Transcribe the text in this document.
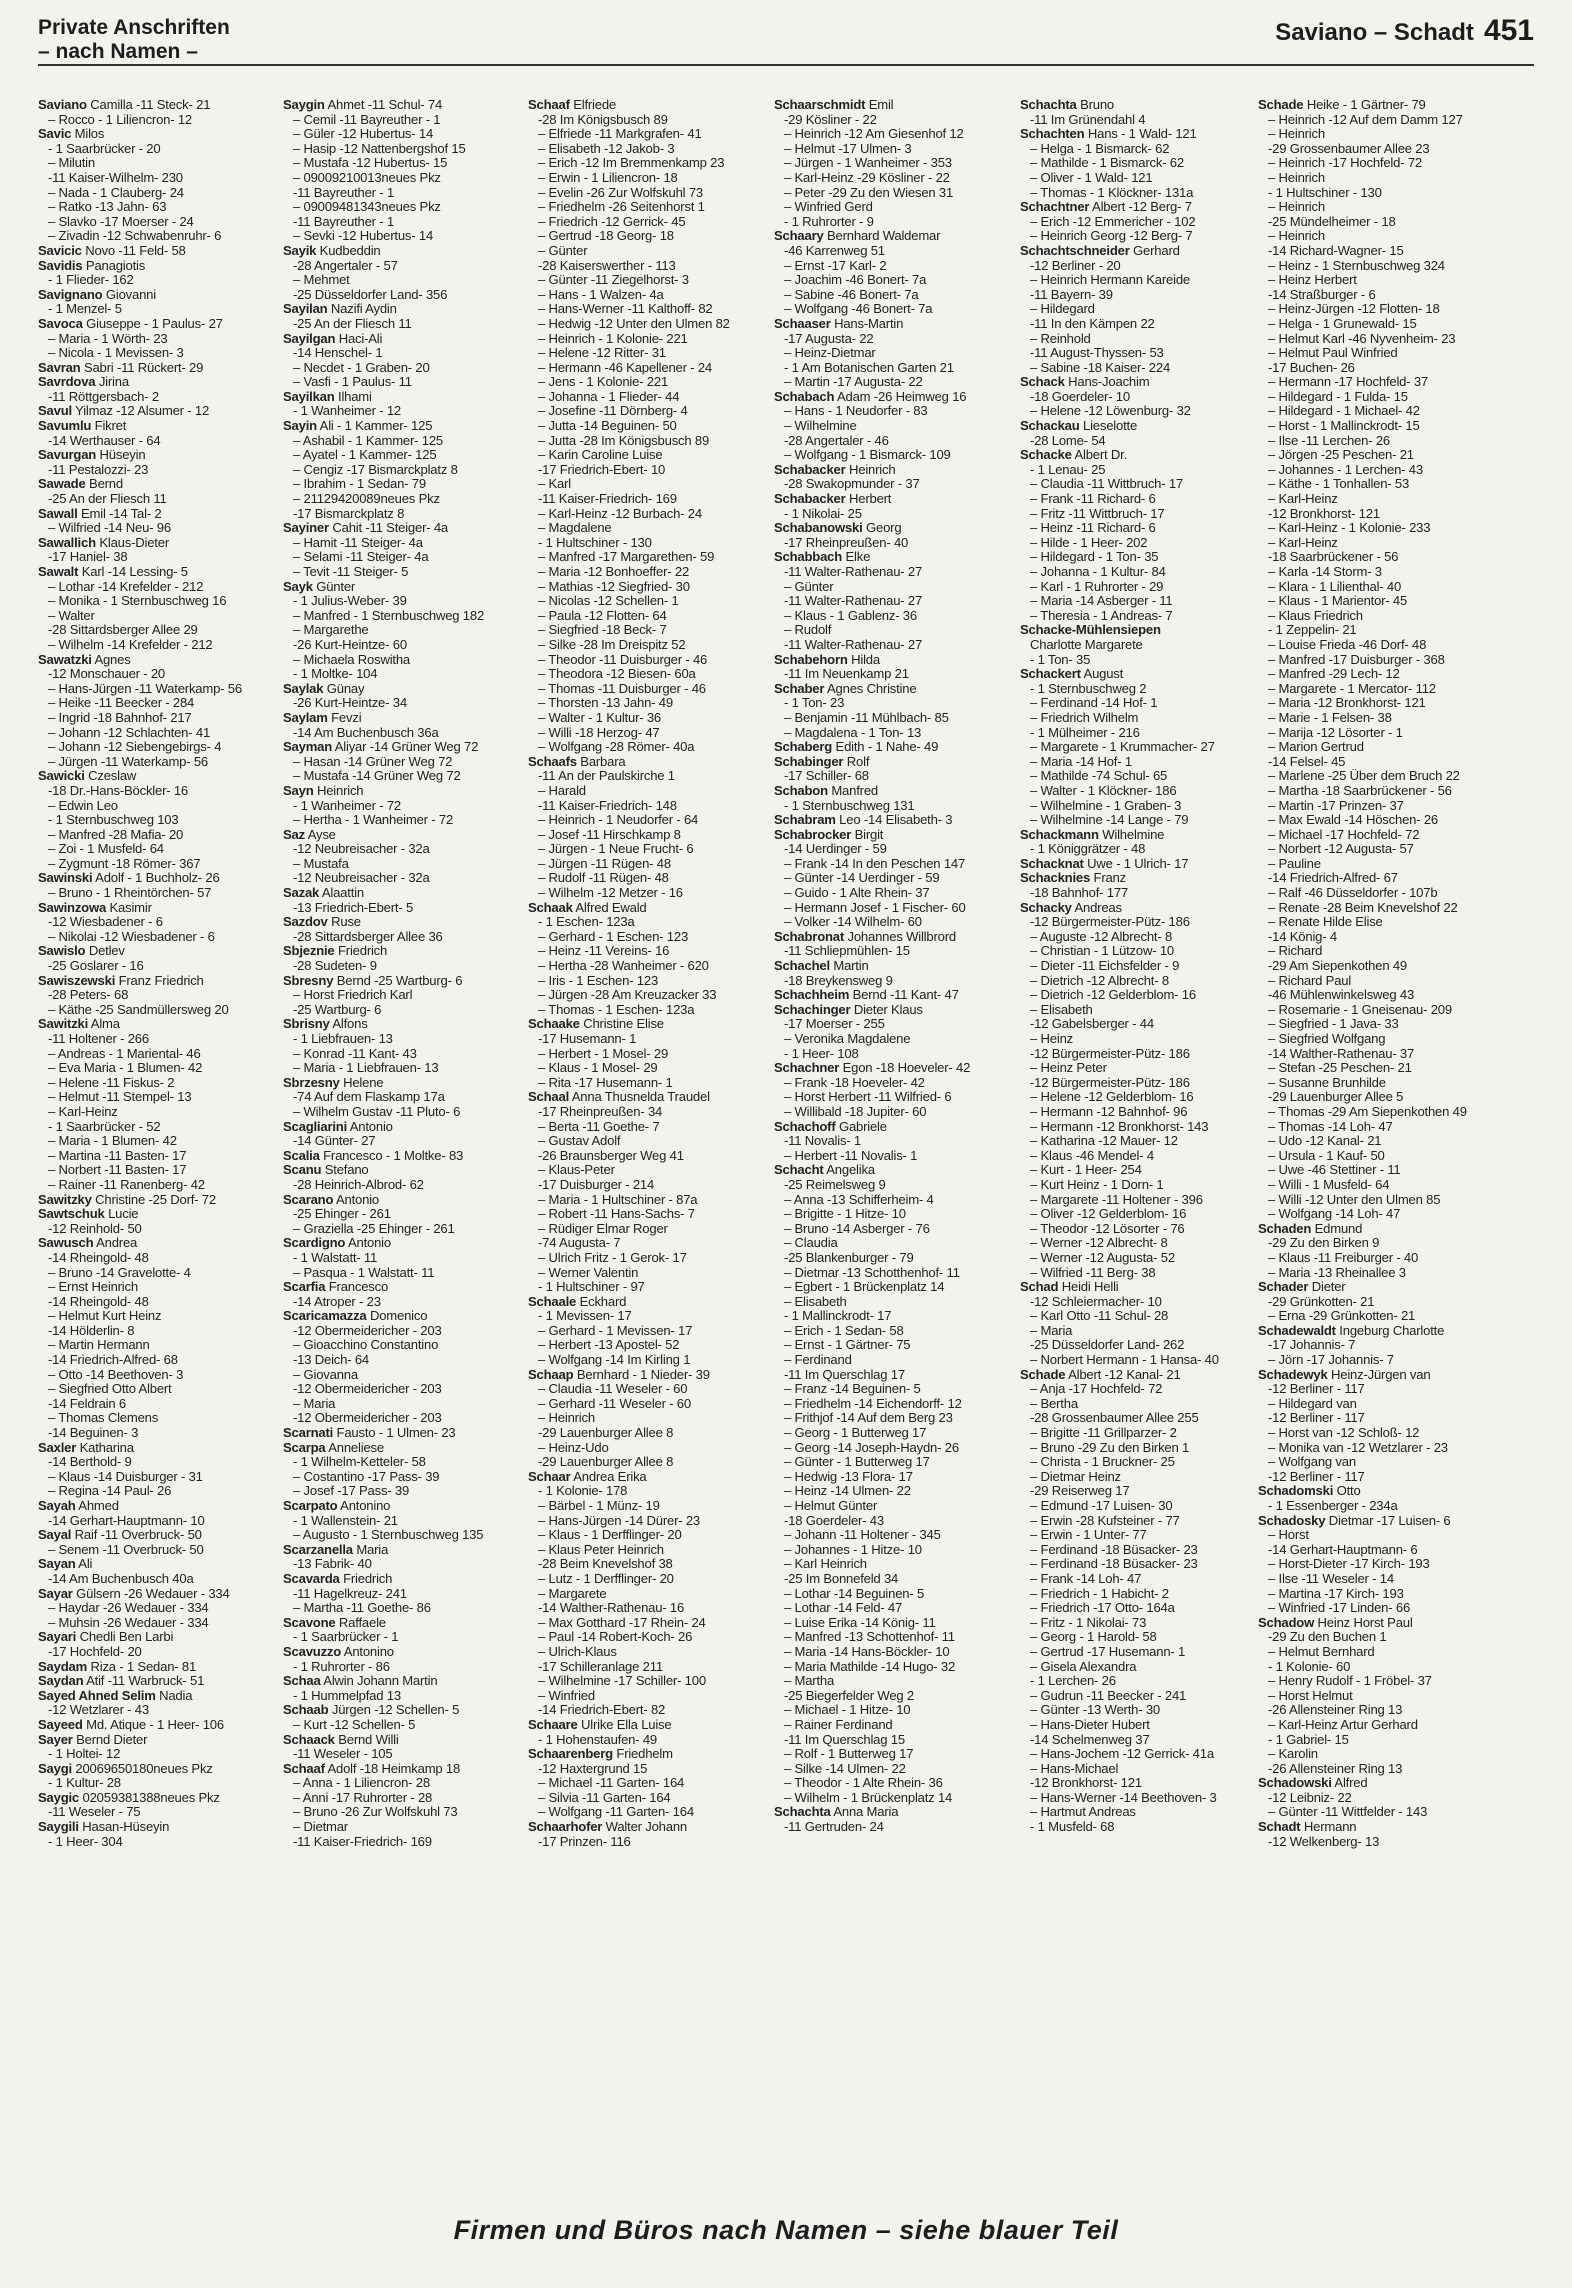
Private Anschriften
– nach Namen –
Saviano – Schadt 451
Saviano Camilla -11 Steck- 21
– Rocco - 1 Liliencron- 12
Savic Milos
- 1 Saarbrücker - 20
– Milutin
-11 Kaiser-Wilhelm- 230
– Nada - 1 Clauberg- 24
– Ratko -13 Jahn- 63
– Slavko -17 Moerser - 24
– Zivadin -12 Schwabenruhr- 6
Savicic Novo -11 Feld- 58
Savidis Panagiotis
- 1 Flieder- 162
Savignano Giovanni
- 1 Menzel- 5
Savoca Giuseppe - 1 Paulus- 27
– Maria - 1 Wörth- 23
– Nicola - 1 Mevissen- 3
Savran Sabri -11 Rückert- 29
Savrdova Jirina
-11 Röttgersbach- 2
Savul Yilmaz -12 Alsumer - 12
Savumlu Fikret
-14 Werthauser - 64
Savurgan Hüseyin
-11 Pestalozzi- 23
Sawade Bernd
-25 An der Fliesch 11
Sawall Emil -14 Tal- 2
– Wilfried -14 Neu- 96
Sawallich Klaus-Dieter
-17 Haniel- 38
Sawalt Karl -14 Lessing- 5
– Lothar -14 Krefelder - 212
– Monika - 1 Sternbuschweg 16
– Walter
-28 Sittardsberger Allee 29
– Wilhelm -14 Krefelder - 212
Sawatzki Agnes
-12 Monschauer - 20
– Hans-Jürgen -11 Waterkamp- 56
– Heike -11 Beecker - 284
– Ingrid -18 Bahnhof- 217
– Johann -12 Schlachten- 41
– Johann -12 Siebengebirgs- 4
– Jürgen -11 Waterkamp- 56
Sawicki Czeslaw
-18 Dr.-Hans-Böckler- 16
– Edwin Leo
- 1 Sternbuschweg 103
– Manfred -28 Mafia- 20
– Zoi - 1 Musfeld- 64
– Zygmunt -18 Römer- 367
Sawinski Adolf - 1 Buchholz- 26
– Bruno - 1 Rheintörchen- 57
Sawinzowa Kasimir
-12 Wiesbadener - 6
– Nikolai -12 Wiesbadener - 6
Sawislo Detlev
-25 Goslarer - 16
Sawiszewski Franz Friedrich
-28 Peters- 68
– Käthe -25 Sandmüllersweg 20
Sawitzki Alma
-11 Holtener - 266
– Andreas - 1 Mariental- 46
– Eva Maria - 1 Blumen- 42
– Helene -11 Fiskus- 2
– Helmut -11 Stempel- 13
– Karl-Heinz
- 1 Saarbrücker - 52
– Maria - 1 Blumen- 42
– Martina -11 Basten- 17
– Norbert -11 Basten- 17
– Rainer -11 Ranenberg- 42
Sawitzky Christine -25 Dorf- 72
Sawtschuk Lucie
-12 Reinhold- 50
Sawusch Andrea
-14 Rheingold- 48
– Bruno -14 Gravelotte- 4
– Ernst Heinrich
-14 Rheingold- 48
– Helmut Kurt Heinz
-14 Hölderlin- 8
– Martin Hermann
-14 Friedrich-Alfred- 68
– Otto -14 Beethoven- 3
– Siegfried Otto Albert
-14 Feldrain 6
– Thomas Clemens
-14 Beguinen- 3
Saxler Katharina
-14 Berthold- 9
– Klaus -14 Duisburger - 31
– Regina -14 Paul- 26
Sayah Ahmed
-14 Gerhart-Hauptmann- 10
Sayal Raif -11 Overbruck- 50
– Senem -11 Overbruck- 50
Sayan Ali
-14 Am Buchenbusch 40a
Sayar Gülsern -26 Wedauer - 334
– Haydar -26 Wedauer - 334
– Muhsin -26 Wedauer - 334
Sayari Chedli Ben Larbi
-17 Hochfeld- 20
Saydam Riza - 1 Sedan- 81
Saydan Atif -11 Warbruck- 51
Sayed Ahned Selim Nadia
-12 Wetzlarer - 43
Sayeed Md. Atique - 1 Heer- 106
Sayer Bernd Dieter
- 1 Holtei- 12
Saygi 20069650180neues Pkz
- 1 Kultur- 28
Saygic 02059381388neues Pkz
-11 Weseler - 75
Saygili Hasan-Hüseyin
- 1 Heer- 304
Saygin Ahmet -11 Schul- 74
– Cemil -11 Bayreuther - 1
– Güler -12 Hubertus- 14
– Hasip -12 Nattenbergshof 15
– Mustafa -12 Hubertus- 15
– 09009210013neues Pkz
-11 Bayreuther - 1
– 09009481343neues Pkz
-11 Bayreuther - 1
– Sevki -12 Hubertus- 14
Sayik Kudbeddin
-28 Angertaler - 57
– Mehmet
-25 Düsseldorfer Land- 356
Sayilan Nazifi Aydin
-25 An der Fliesch 11
Sayilgan Haci-Ali
-14 Henschel- 1
– Necdet - 1 Graben- 20
– Vasfi - 1 Paulus- 11
Sayilkan Ilhami
- 1 Wanheimer - 12
Sayin Ali - 1 Kammer- 125
– Ashabil - 1 Kammer- 125
– Ayatel - 1 Kammer- 125
– Cengiz -17 Bismarckplatz 8
– Ibrahim - 1 Sedan- 79
– 21129420089neues Pkz
-17 Bismarckplatz 8
Sayiner Cahit -11 Steiger- 4a
– Hamit -11 Steiger- 4a
– Selami -11 Steiger- 4a
– Tevit -11 Steiger- 5
Sayk Günter
- 1 Julius-Weber- 39
– Manfred - 1 Sternbuschweg 182
– Margarethe
-26 Kurt-Heintze- 60
– Michaela Roswitha
- 1 Moltke- 104
Saylak Günay
-26 Kurt-Heintze- 34
Saylam Fevzi
-14 Am Buchenbusch 36a
Sayman Aliyar -14 Grüner Weg 72
– Hasan -14 Grüner Weg 72
– Mustafa -14 Grüner Weg 72
Sayn Heinrich
- 1 Wanheimer - 72
– Hertha - 1 Wanheimer - 72
Saz Ayse
-12 Neubreisacher - 32a
– Mustafa
-12 Neubreisacher - 32a
Sazak Alaattin
-13 Friedrich-Ebert- 5
Sazdov Ruse
-28 Sittardsberger Allee 36
Sbjeznie Friedrich
-28 Sudeten- 9
Sbresny Bernd -25 Wartburg- 6
– Horst Friedrich Karl
-25 Wartburg- 6
Sbrisny Alfons
- 1 Liebfrauen- 13
– Konrad -11 Kant- 43
– Maria - 1 Liebfrauen- 13
Sbrzesny Helene
-74 Auf dem Flaskamp 17a
– Wilhelm Gustav -11 Pluto- 6
Scagliarini Antonio
-14 Günter- 27
Scalia Francesco - 1 Moltke- 83
Scanu Stefano
-28 Heinrich-Albrod- 62
Scarano Antonio
-25 Ehinger - 261
– Graziella -25 Ehinger - 261
Scardigno Antonio
- 1 Walstatt- 11
– Pasqua - 1 Walstatt- 11
Scarfia Francesco
-14 Atroper - 23
Scaricamazza Domenico
-12 Obermeidericher - 203
– Gioacchino Constantino
-13 Deich- 64
– Giovanna
-12 Obermeidericher - 203
– Maria
-12 Obermeidericher - 203
Scarnati Fausto - 1 Ulmen- 23
Scarpa Anneliese
- 1 Wilhelm-Ketteler- 58
– Costantino -17 Pass- 39
– Josef -17 Pass- 39
Scarpato Antonino
- 1 Wallenstein- 21
– Augusto - 1 Sternbuschweg 135
Scarzanella Maria
-13 Fabrik- 40
Scavarda Friedrich
-11 Hagelkreuz- 241
– Martha -11 Goethe- 86
Scavone Raffaele
- 1 Saarbrücker - 1
Scavuzzo Antonino
- 1 Ruhrorter - 86
Schaa Alwin Johann Martin
- 1 Hummelpfad 13
Schaab Jürgen -12 Schellen- 5
– Kurt -12 Schellen- 5
Schaack Bernd Willi
-11 Weseler - 105
Schaaf Adolf -18 Heimkamp 18
– Anna - 1 Liliencron- 28
– Anni -17 Ruhrorter - 28
– Bruno -26 Zur Wolfskuhl 73
– Dietmar
-11 Kaiser-Friedrich- 169
Schaaf Elfriede
-28 Im Königsbusch 89
– Elfriede -11 Markgrafen- 41
– Elisabeth -12 Jakob- 3
– Erich -12 Im Bremmenkamp 23
– Erwin - 1 Liliencron- 18
– Evelin -26 Zur Wolfskuhl 73
– Friedhelm -26 Seitenhorst 1
– Friedrich -12 Gerrick- 45
– Gertrud -18 Georg- 18
– Günter
-28 Kaiserswerther - 113
– Günter -11 Ziegelhorst- 3
– Hans - 1 Walzen- 4a
– Hans-Werner -11 Kalthoff- 82
– Hedwig -12 Unter den Ulmen 82
– Heinrich - 1 Kolonie- 221
– Helene -12 Ritter- 31
– Hermann -46 Kapellener - 24
– Jens - 1 Kolonie- 221
– Johanna - 1 Flieder- 44
– Josefine -11 Dörnberg- 4
– Jutta -14 Beguinen- 50
– Jutta -28 Im Königsbusch 89
– Karin Caroline Luise
-17 Friedrich-Ebert- 10
– Karl
-11 Kaiser-Friedrich- 169
– Karl-Heinz -12 Burbach- 24
– Magdalene
- 1 Hultschiner - 130
– Manfred -17 Margarethen- 59
– Maria -12 Bonhoeffer- 22
– Mathias -12 Siegfried- 30
– Nicolas -12 Schellen- 1
– Paula -12 Flotten- 64
– Siegfried -18 Beck- 7
– Silke -28 Im Dreispitz 52
– Theodor -11 Duisburger - 46
– Theodora -12 Biesen- 60a
– Thomas -11 Duisburger - 46
– Thorsten -13 Jahn- 49
– Walter - 1 Kultur- 36
– Willi -18 Herzog- 47
– Wolfgang -28 Römer- 40a
Schaafs Barbara
-11 An der Paulskirche 1
– Harald
-11 Kaiser-Friedrich- 148
– Heinrich - 1 Neudorfer - 64
– Josef -11 Hirschkamp 8
– Jürgen - 1 Neue Frucht- 6
– Jürgen -11 Rügen- 48
– Rudolf -11 Rügen- 48
– Wilhelm -12 Metzer - 16
Schaak Alfred Ewald
- 1 Eschen- 123a
– Gerhard - 1 Eschen- 123
– Heinz -11 Vereins- 16
– Hertha -28 Wanheimer - 620
– Iris - 1 Eschen- 123
– Jürgen -28 Am Kreuzacker 33
– Thomas - 1 Eschen- 123a
Schaake Christine Elise
-17 Husemann- 1
– Herbert - 1 Mosel- 29
– Klaus - 1 Mosel- 29
– Rita -17 Husemann- 1
Schaal Anna Thusnelda Traudel
-17 Rheinpreußen- 34
– Berta -11 Goethe- 7
– Gustav Adolf
-26 Braunsberger Weg 41
– Klaus-Peter
-17 Duisburger - 214
– Maria - 1 Hultschiner - 87a
– Robert -11 Hans-Sachs- 7
– Rüdiger Elmar Roger
-74 Augusta- 7
– Ulrich Fritz - 1 Gerok- 17
– Werner Valentin
- 1 Hultschiner - 97
Schaale Eckhard
- 1 Mevissen- 17
– Gerhard - 1 Mevissen- 17
– Herbert -13 Apostel- 52
– Wolfgang -14 Im Kirling 1
Schaap Bernhard - 1 Nieder- 39
– Claudia -11 Weseler - 60
– Gerhard -11 Weseler - 60
– Heinrich
-29 Lauenburger Allee 8
– Heinz-Udo
-29 Lauenburger Allee 8
Schaar Andrea Erika
- 1 Kolonie- 178
– Bärbel - 1 Münz- 19
– Hans-Jürgen -14 Dürer- 23
– Klaus - 1 Derfflinger- 20
– Klaus Peter Heinrich
-28 Beim Knevelshof 38
– Lutz - 1 Derfflinger- 20
– Margarete
-14 Walther-Rathenau- 16
– Max Gotthard -17 Rhein- 24
– Paul -14 Robert-Koch- 26
– Ulrich-Klaus
-17 Schilleranlage 211
– Wilhelmine -17 Schiller- 100
– Winfried
-14 Friedrich-Ebert- 82
Schaare Ulrike Ella Luise
- 1 Hohenstaufen- 49
Schaarenberg Friedhelm
-12 Haxtergrund 15
– Michael -11 Garten- 164
– Silvia -11 Garten- 164
– Wolfgang -11 Garten- 164
Schaarhofer Walter Johann
-17 Prinzen- 116
Schaarschmidt Emil
-29 Kösliner - 22
– Heinrich -12 Am Giesenhof 12
– Helmut -17 Ulmen- 3
– Jürgen - 1 Wanheimer - 353
– Karl-Heinz -29 Kösliner - 22
– Peter -29 Zu den Wiesen 31
– Winfried Gerd
- 1 Ruhrorter - 9
Schaary Bernhard Waldemar
-46 Karrenweg 51
– Ernst -17 Karl- 2
– Joachim -46 Bonert- 7a
– Sabine -46 Bonert- 7a
– Wolfgang -46 Bonert- 7a
Schaaser Hans-Martin
-17 Augusta- 22
– Heinz-Dietmar
- 1 Am Botanischen Garten 21
– Martin -17 Augusta- 22
Schabach Adam -26 Heimweg 16
– Hans - 1 Neudorfer - 83
– Wilhelmine
-28 Angertaler - 46
– Wolfgang - 1 Bismarck- 109
Schabacker Heinrich
-28 Swakopmunder - 37
Schabacker Herbert
- 1 Nikolai- 25
Schabanowski Georg
-17 Rheinpreußen- 40
Schabbach Elke
-11 Walter-Rathenau- 27
– Günter
-11 Walter-Rathenau- 27
– Klaus - 1 Gablenz- 36
– Rudolf
-11 Walter-Rathenau- 27
Schabehorn Hilda
-11 Im Neuenkamp 21
Schaber Agnes Christine
- 1 Ton- 23
– Benjamin -11 Mühlbach- 85
– Magdalena - 1 Ton- 13
Schaberg Edith - 1 Nahe- 49
Schabinger Rolf
-17 Schiller- 68
Schabon Manfred
- 1 Sternbuschweg 131
Schabram Leo -14 Elisabeth- 3
Schabrocker Birgit
-14 Uerdinger - 59
– Frank -14 In den Peschen 147
– Günter -14 Uerdinger - 59
– Guido - 1 Alte Rhein- 37
– Hermann Josef - 1 Fischer- 60
– Volker -14 Wilhelm- 60
Schabronat Johannes Willbrord
-11 Schliepmühlen- 15
Schachel Martin
-18 Breykensweg 9
Schachheim Bernd -11 Kant- 47
Schachinger Dieter Klaus
-17 Moerser - 255
– Veronika Magdalene
- 1 Heer- 108
Schachner Egon -18 Hoeveler- 42
– Frank -18 Hoeveler- 42
– Horst Herbert -11 Wilfried- 6
– Willibald -18 Jupiter- 60
Schachoff Gabriele
-11 Novalis- 1
– Herbert -11 Novalis- 1
Schacht Angelika
-25 Reimelsweg 9
– Anna -13 Schifferheim- 4
– Brigitte - 1 Hitze- 10
– Bruno -14 Asberger - 76
– Claudia
-25 Blankenburger - 79
– Dietmar -13 Schotthenhof- 11
– Egbert - 1 Brückenplatz 14
– Elisabeth
- 1 Mallinckrodt- 17
– Erich - 1 Sedan- 58
– Ernst - 1 Gärtner- 75
– Ferdinand
-11 Im Querschlag 17
– Franz -14 Beguinen- 5
– Friedhelm -14 Eichendorff- 12
– Frithjof -14 Auf dem Berg 23
– Georg - 1 Butterweg 17
– Georg -14 Joseph-Haydn- 26
– Günter - 1 Butterweg 17
– Hedwig -13 Flora- 17
– Heinz -14 Ulmen- 22
– Helmut Günter
-18 Goerdeler- 43
– Johann -11 Holtener - 345
– Johannes - 1 Hitze- 10
– Karl Heinrich
-25 Im Bonnefeld 34
– Lothar -14 Beguinen- 5
– Lothar -14 Feld- 47
– Luise Erika -14 König- 11
– Manfred -13 Schottenhof- 11
– Maria -14 Hans-Böckler- 10
– Maria Mathilde -14 Hugo- 32
– Martha
-25 Biegerfelder Weg 2
– Michael - 1 Hitze- 10
– Rainer Ferdinand
-11 Im Querschlag 15
– Rolf - 1 Butterweg 17
– Silke -14 Ulmen- 22
– Theodor - 1 Alte Rhein- 36
– Wilhelm - 1 Brückenplatz 14
Schachta Anna Maria
-11 Gertruden- 24
Schachta Bruno
-11 Im Grünendahl 4
Schachten Hans - 1 Wald- 121
– Helga - 1 Bismarck- 62
– Mathilde - 1 Bismarck- 62
– Oliver - 1 Wald- 121
– Thomas - 1 Klöckner- 131a
Schachtner Albert -12 Berg- 7
– Erich -12 Emmericher - 102
– Heinrich Georg -12 Berg- 7
Schachtschneider Gerhard
-12 Berliner - 20
– Heinrich Hermann Kareide
-11 Bayern- 39
– Hildegard
-11 In den Kämpen 22
– Reinhold
-11 August-Thyssen- 53
– Sabine -18 Kaiser- 224
Schack Hans-Joachim
-18 Goerdeler- 10
– Helene -12 Löwenburg- 32
Schackau Lieselotte
-28 Lome- 54
Schacke Albert Dr.
- 1 Lenau- 25
– Claudia -11 Wittbruch- 17
– Frank -11 Richard- 6
– Fritz -11 Wittbruch- 17
– Heinz -11 Richard- 6
– Hilde - 1 Heer- 202
– Hildegard - 1 Ton- 35
– Johanna - 1 Kultur- 84
– Karl - 1 Ruhrorter - 29
– Maria -14 Asberger - 11
– Theresia - 1 Andreas- 7
Schacke-Mühlensiepen
Charlotte Margarete
- 1 Ton- 35
Schackert August
- 1 Sternbuschweg 2
– Ferdinand -14 Hof- 1
– Friedrich Wilhelm
- 1 Mülheimer - 216
– Margarete - 1 Krummacher- 27
– Maria -14 Hof- 1
– Mathilde -74 Schul- 65
– Walter - 1 Klöckner- 186
– Wilhelmine - 1 Graben- 3
– Wilhelmine -14 Lange - 79
Schackmann Wilhelmine
- 1 Königgrätzer - 48
Schacknat Uwe - 1 Ulrich- 17
Schacknies Franz
-18 Bahnhof- 177
Schacky Andreas
-12 Bürgermeister-Pütz- 186
– Auguste -12 Albrecht- 8
– Christian - 1 Lützow- 10
– Dieter -11 Eichsfelder - 9
– Dietrich -12 Albrecht- 8
– Dietrich -12 Gelderblom- 16
– Elisabeth
-12 Gabelsberger - 44
– Heinz
-12 Bürgermeister-Pütz- 186
– Heinz Peter
-12 Bürgermeister-Pütz- 186
– Helene -12 Gelderblom- 16
– Hermann -12 Bahnhof- 96
– Hermann -12 Bronkhorst- 143
– Katharina -12 Mauer- 12
– Klaus -46 Mendel- 4
– Kurt - 1 Heer- 254
– Kurt Heinz - 1 Dorn- 1
– Margarete -11 Holtener - 396
– Oliver -12 Gelderblom- 16
– Theodor -12 Lösorter - 76
– Werner -12 Albrecht- 8
– Werner -12 Augusta- 52
– Wilfried -11 Berg- 38
Schad Heidi Helli
-12 Schleiermacher- 10
– Karl Otto -11 Schul- 28
– Maria
-25 Düsseldorfer Land- 262
– Norbert Hermann - 1 Hansa- 40
Schade Albert -12 Kanal- 21
– Anja -17 Hochfeld- 72
– Bertha
-28 Grossenbaumer Allee 255
– Brigitte -11 Grillparzer- 2
– Bruno -29 Zu den Birken 1
– Christa - 1 Bruckner- 25
– Dietmar Heinz
-29 Reiserweg 17
– Edmund -17 Luisen- 30
– Erwin -28 Kufsteiner - 77
– Erwin - 1 Unter- 77
– Ferdinand -18 Büsacker- 23
– Ferdinand -18 Büsacker- 23
– Frank -14 Loh- 47
– Friedrich - 1 Habicht- 2
– Friedrich -17 Otto- 164a
– Fritz - 1 Nikolai- 73
– Georg - 1 Harold- 58
– Gertrud -17 Husemann- 1
– Gisela Alexandra
- 1 Lerchen- 26
– Gudrun -11 Beecker - 241
– Günter -13 Werth- 30
– Hans-Dieter Hubert
-14 Schelmenweg 37
– Hans-Jochem -12 Gerrick- 41a
– Hans-Michael
-12 Bronkhorst- 121
– Hans-Werner -14 Beethoven- 3
– Hartmut Andreas
- 1 Musfeld- 68
Schade Heike - 1 Gärtner- 79
– Heinrich -12 Auf dem Damm 127
– Heinrich
-29 Grossenbaumer Allee 23
– Heinrich -17 Hochfeld- 72
– Heinrich
- 1 Hultschiner - 130
– Heinrich
-25 Mündelheimer - 18
– Heinrich
-14 Richard-Wagner- 15
– Heinz - 1 Sternbuschweg 324
– Heinz Herbert
-14 Straßburger - 6
– Heinz-Jürgen -12 Flotten- 18
– Helga - 1 Grunewald- 15
– Helmut Karl -46 Nyvenheim- 23
– Helmut Paul Winfried
-17 Buchen- 26
– Hermann -17 Hochfeld- 37
– Hildegard - 1 Fulda- 15
– Hildegard - 1 Michael- 42
– Horst - 1 Mallinckrodt- 15
– Ilse -11 Lerchen- 26
– Jörgen -25 Peschen- 21
– Johannes - 1 Lerchen- 43
– Käthe - 1 Tonhallen- 53
– Karl-Heinz
-12 Bronkhorst- 121
– Karl-Heinz - 1 Kolonie- 233
– Karl-Heinz
-18 Saarbrückener - 56
– Karla -14 Storm- 3
– Klara - 1 Lilienthal- 40
– Klaus - 1 Marientor- 45
– Klaus Friedrich
- 1 Zeppelin- 21
– Louise Frieda -46 Dorf- 48
– Manfred -17 Duisburger - 368
– Manfred -29 Lech- 12
– Margarete - 1 Mercator- 112
– Maria -12 Bronkhorst- 121
– Marie - 1 Felsen- 38
– Marija -12 Lösorter - 1
– Marion Gertrud
-14 Felsel- 45
– Marlene -25 Über dem Bruch 22
– Martha -18 Saarbrückener - 56
– Martin -17 Prinzen- 37
– Max Ewald -14 Höschen- 26
– Michael -17 Hochfeld- 72
– Norbert -12 Augusta- 57
– Pauline
-14 Friedrich-Alfred- 67
– Ralf -46 Düsseldorfer - 107b
– Renate -28 Beim Knevelshof 22
– Renate Hilde Elise
-14 König- 4
– Richard
-29 Am Siepenkothen 49
– Richard Paul
-46 Mühlenwinkelsweg 43
– Rosemarie - 1 Gneisenau- 209
– Siegfried - 1 Java- 33
– Siegfried Wolfgang
-14 Walther-Rathenau- 37
– Stefan -25 Peschen- 21
– Susanne Brunhilde
-29 Lauenburger Allee 5
– Thomas -29 Am Siepenkothen 49
– Thomas -14 Loh- 47
– Udo -12 Kanal- 21
– Ursula - 1 Kauf- 50
– Uwe -46 Stettiner - 11
– Willi - 1 Musfeld- 64
– Willi -12 Unter den Ulmen 85
– Wolfgang -14 Loh- 47
Schaden Edmund
-29 Zu den Birken 9
– Klaus -11 Freiburger - 40
– Maria -13 Rheinallee 3
Schader Dieter
-29 Grünkotten- 21
– Erna -29 Grünkotten- 21
Schadewaldt Ingeburg Charlotte
-17 Johannis- 7
– Jörn -17 Johannis- 7
Schadewyk Heinz-Jürgen van
-12 Berliner - 117
– Hildegard van
-12 Berliner - 117
– Horst van -12 Schloß- 12
– Monika van -12 Wetzlarer - 23
– Wolfgang van
-12 Berliner - 117
Schadomski Otto
- 1 Essenberger - 234a
Schadosky Dietmar -17 Luisen- 6
– Horst
-14 Gerhart-Hauptmann- 6
– Horst-Dieter -17 Kirch- 193
– Ilse -11 Weseler - 14
– Martina -17 Kirch- 193
– Winfried -17 Linden- 66
Schadow Heinz Horst Paul
-29 Zu den Buchen 1
– Helmut Bernhard
- 1 Kolonie- 60
– Henry Rudolf - 1 Fröbel- 37
– Horst Helmut
-26 Allensteiner Ring 13
– Karl-Heinz Artur Gerhard
- 1 Gabriel- 15
– Karolin
-26 Allensteiner Ring 13
Schadowski Alfred
-12 Leibniz- 22
– Günter -11 Wittfelder - 143
Schadt Hermann
-12 Welkenberg- 13
Firmen und Büros nach Namen – siehe blauer Teil
